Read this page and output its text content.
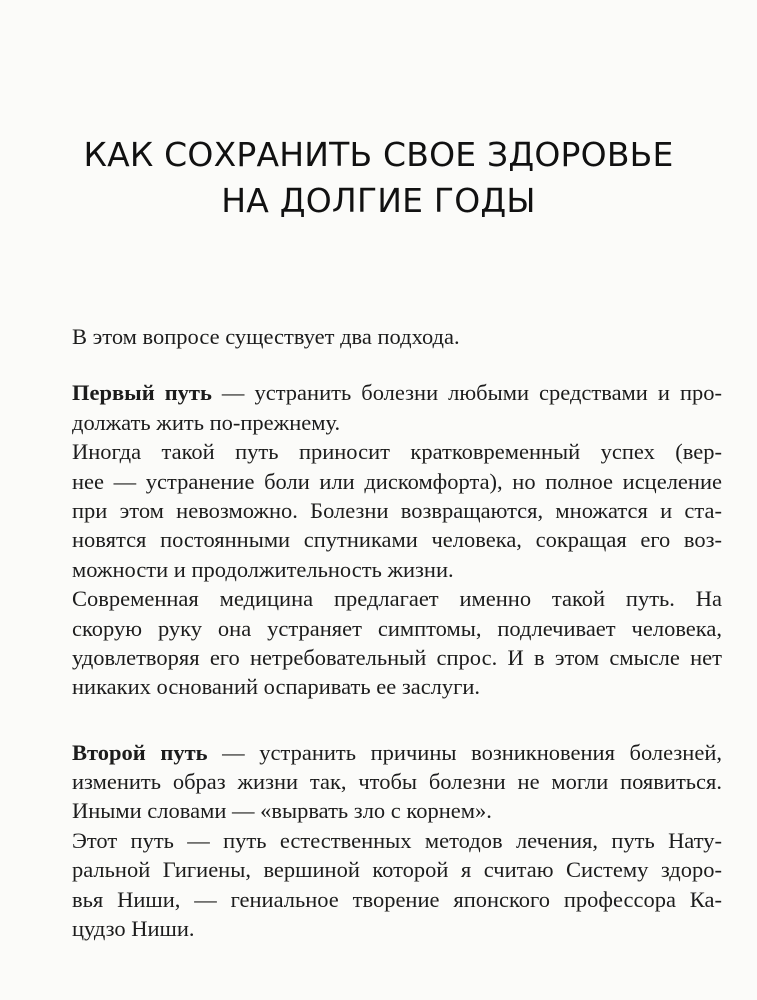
КАК СОХРАНИТЬ СВОЕ ЗДОРОВЬЕ
НА ДОЛГИЕ ГОДЫ
В этом вопросе существует два подхода.
Первый путь — устранить болезни любыми средствами и про-
должать жить по-прежнему.
Иногда такой путь приносит кратковременный успех (вер-
нее — устранение боли или дискомфорта), но полное исцеление
при этом невозможно. Болезни возвращаются, множатся и ста-
новятся постоянными спутниками человека, сокращая его воз-
можности и продолжительность жизни.
Современная медицина предлагает именно такой путь. На
скорую руку она устраняет симптомы, подлечивает человека,
удовлетворяя его нетребовательный спрос. И в этом смысле нет
никаких оснований оспаривать ее заслуги.
Второй путь — устранить причины возникновения болезней,
изменить образ жизни так, чтобы болезни не могли появиться.
Иными словами — «вырвать зло с корнем».
Этот путь — путь естественных методов лечения, путь Нату-
ральной Гигиены, вершиной которой я считаю Систему здоро-
вья Ниши, — гениальное творение японского профессора Ка-
цудзо Ниши.
